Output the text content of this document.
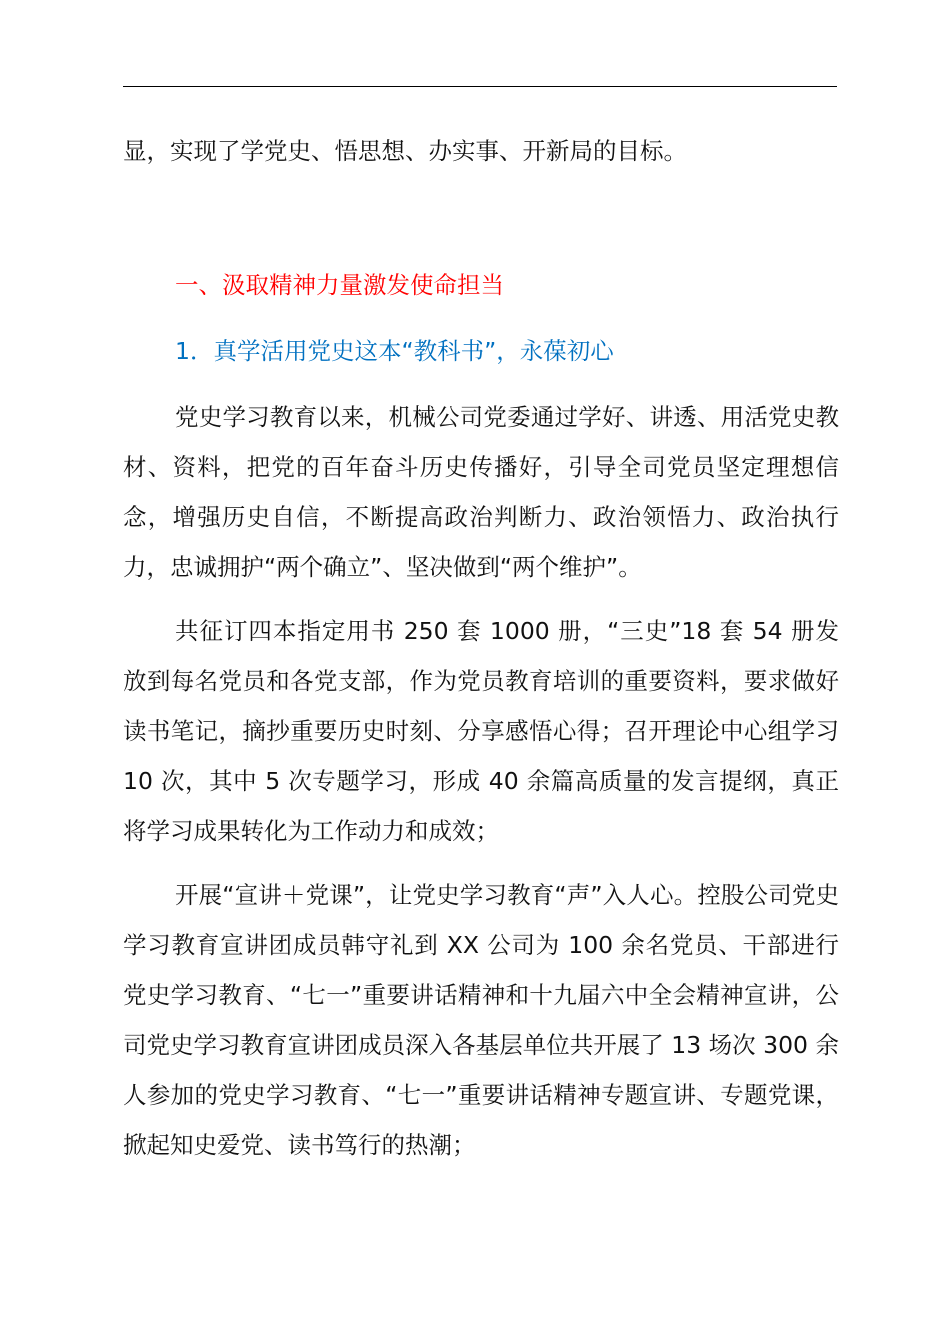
显，实现了学党史、悟思想、办实事、开新局的目标。

一、汲取精神力量激发使命担当

1．真学活用党史这本“教科书”，永葆初心

党史学习教育以来，机械公司党委通过学好、讲透、用活党史教材、资料，把党的百年奋斗历史传播好，引导全司党员坚定理想信念，增强历史自信，不断提高政治判断力、政治领悟力、政治执行力，忠诚拥护“两个确立”、坚决做到“两个维护”。

共征订四本指定用书 250 套 1000 册，“三史”18 套 54 册发放到每名党员和各党支部，作为党员教育培训的重要资料，要求做好读书笔记，摘抄重要历史时刻、分享感悟心得；召开理论中心组学习 10 次，其中 5 次专题学习，形成 40 余篇高质量的发言提纲，真正将学习成果转化为工作动力和成效；

开展“宣讲＋党课”，让党史学习教育“声”入人心。控股公司党史学习教育宣讲团成员韩守礼到 XX 公司为 100 余名党员、干部进行党史学习教育、“七一”重要讲话精神和十九届六中全会精神宣讲，公司党史学习教育宣讲团成员深入各基层单位共开展了 13 场次 300 余人参加的党史学习教育、“七一”重要讲话精神专题宣讲、专题党课，掀起知史爱党、读书笃行的热潮；
